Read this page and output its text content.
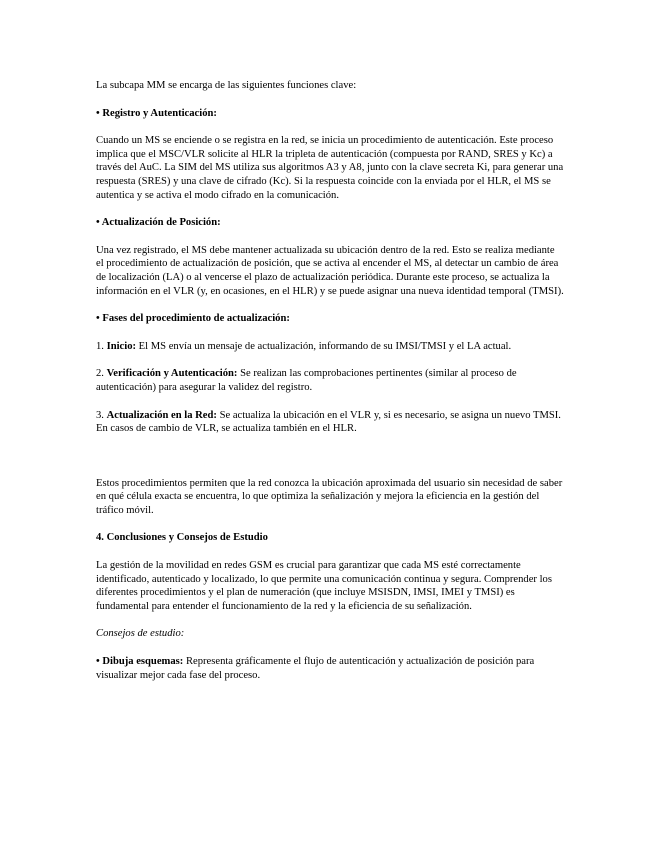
La subcapa MM se encarga de las siguientes funciones clave:

• Registro y Autenticación:

Cuando un MS se enciende o se registra en la red, se inicia un procedimiento de autenticación. Este proceso implica que el MSC/VLR solicite al HLR la tripleta de autenticación (compuesta por RAND, SRES y Kc) a través del AuC. La SIM del MS utiliza sus algoritmos A3 y A8, junto con la clave secreta Ki, para generar una respuesta (SRES) y una clave de cifrado (Kc). Si la respuesta coincide con la enviada por el HLR, el MS se autentica y se activa el modo cifrado en la comunicación.

• Actualización de Posición:

Una vez registrado, el MS debe mantener actualizada su ubicación dentro de la red. Esto se realiza mediante el procedimiento de actualización de posición, que se activa al encender el MS, al detectar un cambio de área de localización (LA) o al vencerse el plazo de actualización periódica. Durante este proceso, se actualiza la información en el VLR (y, en ocasiones, en el HLR) y se puede asignar una nueva identidad temporal (TMSI).

• Fases del procedimiento de actualización:

1. Inicio: El MS envía un mensaje de actualización, informando de su IMSI/TMSI y el LA actual.

2. Verificación y Autenticación: Se realizan las comprobaciones pertinentes (similar al proceso de autenticación) para asegurar la validez del registro.

3. Actualización en la Red: Se actualiza la ubicación en el VLR y, si es necesario, se asigna un nuevo TMSI. En casos de cambio de VLR, se actualiza también en el HLR.

Estos procedimientos permiten que la red conozca la ubicación aproximada del usuario sin necesidad de saber en qué célula exacta se encuentra, lo que optimiza la señalización y mejora la eficiencia en la gestión del tráfico móvil.

4. Conclusiones y Consejos de Estudio

La gestión de la movilidad en redes GSM es crucial para garantizar que cada MS esté correctamente identificado, autenticado y localizado, lo que permite una comunicación continua y segura. Comprender los diferentes procedimientos y el plan de numeración (que incluye MSISDN, IMSI, IMEI y TMSI) es fundamental para entender el funcionamiento de la red y la eficiencia de su señalización.

Consejos de estudio:

• Dibuja esquemas: Representa gráficamente el flujo de autenticación y actualización de posición para visualizar mejor cada fase del proceso.
